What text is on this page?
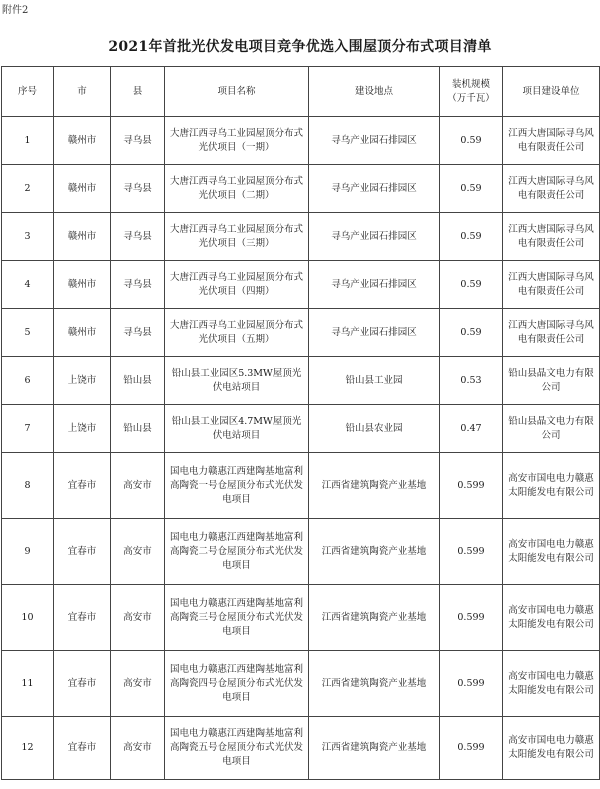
附件2
2021年首批光伏发电项目竞争优选入围屋顶分布式项目清单
序号	市	县	项目名称	建设地点	装机规模（万千瓦）	项目建设单位
1	赣州市	寻乌县	大唐江西寻乌工业园屋顶分布式光伏项目（一期）	寻乌产业园石排园区	0.59	江西大唐国际寻乌风电有限责任公司
2	赣州市	寻乌县	大唐江西寻乌工业园屋顶分布式光伏项目（二期）	寻乌产业园石排园区	0.59	江西大唐国际寻乌风电有限责任公司
3	赣州市	寻乌县	大唐江西寻乌工业园屋顶分布式光伏项目（三期）	寻乌产业园石排园区	0.59	江西大唐国际寻乌风电有限责任公司
4	赣州市	寻乌县	大唐江西寻乌工业园屋顶分布式光伏项目（四期）	寻乌产业园石排园区	0.59	江西大唐国际寻乌风电有限责任公司
5	赣州市	寻乌县	大唐江西寻乌工业园屋顶分布式光伏项目（五期）	寻乌产业园石排园区	0.59	江西大唐国际寻乌风电有限责任公司
6	上饶市	铅山县	铅山县工业园区5.3MW屋顶光伏电站项目	铅山县工业园	0.53	铅山县晶文电力有限公司
7	上饶市	铅山县	铅山县工业园区4.7MW屋顶光伏电站项目	铅山县农业园	0.47	铅山县晶文电力有限公司
8	宜春市	高安市	国电电力赣惠江西建陶基地富利高陶瓷一号仓屋顶分布式光伏发电项目	江西省建筑陶瓷产业基地	0.599	高安市国电电力赣惠太阳能发电有限公司
9	宜春市	高安市	国电电力赣惠江西建陶基地富利高陶瓷二号仓屋顶分布式光伏发电项目	江西省建筑陶瓷产业基地	0.599	高安市国电电力赣惠太阳能发电有限公司
10	宜春市	高安市	国电电力赣惠江西建陶基地富利高陶瓷三号仓屋顶分布式光伏发电项目	江西省建筑陶瓷产业基地	0.599	高安市国电电力赣惠太阳能发电有限公司
11	宜春市	高安市	国电电力赣惠江西建陶基地富利高陶瓷四号仓屋顶分布式光伏发电项目	江西省建筑陶瓷产业基地	0.599	高安市国电电力赣惠太阳能发电有限公司
12	宜春市	高安市	国电电力赣惠江西建陶基地富利高陶瓷五号仓屋顶分布式光伏发电项目	江西省建筑陶瓷产业基地	0.599	高安市国电电力赣惠太阳能发电有限公司
